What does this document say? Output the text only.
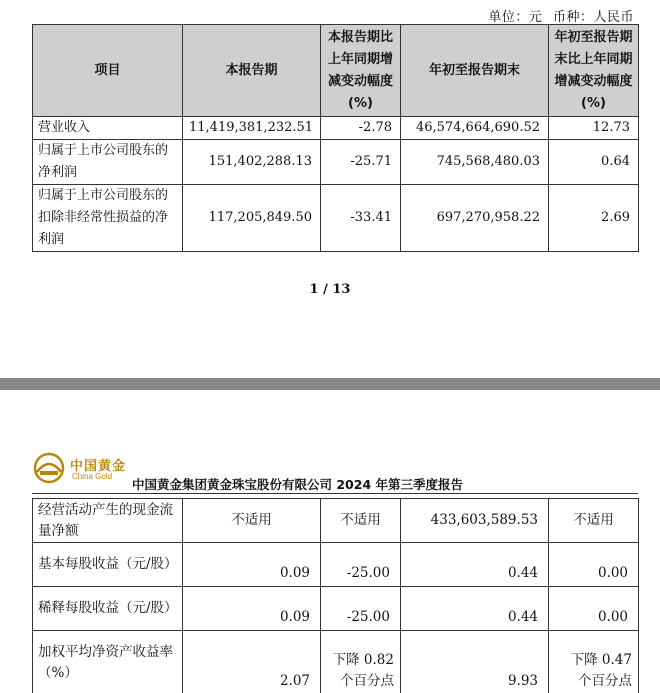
单位：元 币种：人民币
项目	本报告期	本报告期比上年同期增减变动幅度(%)	年初至报告期末	年初至报告期末比上年同期增减变动幅度(%)
营业收入	11,419,381,232.51	-2.78	46,574,664,690.52	12.73
归属于上市公司股东的净利润	151,402,288.13	-25.71	745,568,480.03	0.64
归属于上市公司股东的扣除非经常性损益的净利润	117,205,849.50	-33.41	697,270,958.22	2.69
1 / 13
中国黄金
China Gold
中国黄金集团黄金珠宝股份有限公司 2024 年第三季度报告
经营活动产生的现金流量净额	不适用	不适用	433,603,589.53	不适用
基本每股收益（元/股）	0.09	-25.00	0.44	0.00
稀释每股收益（元/股）	0.09	-25.00	0.44	0.00
加权平均净资产收益率（%）	2.07	下降 0.82 个百分点	9.93	下降 0.47 个百分点
